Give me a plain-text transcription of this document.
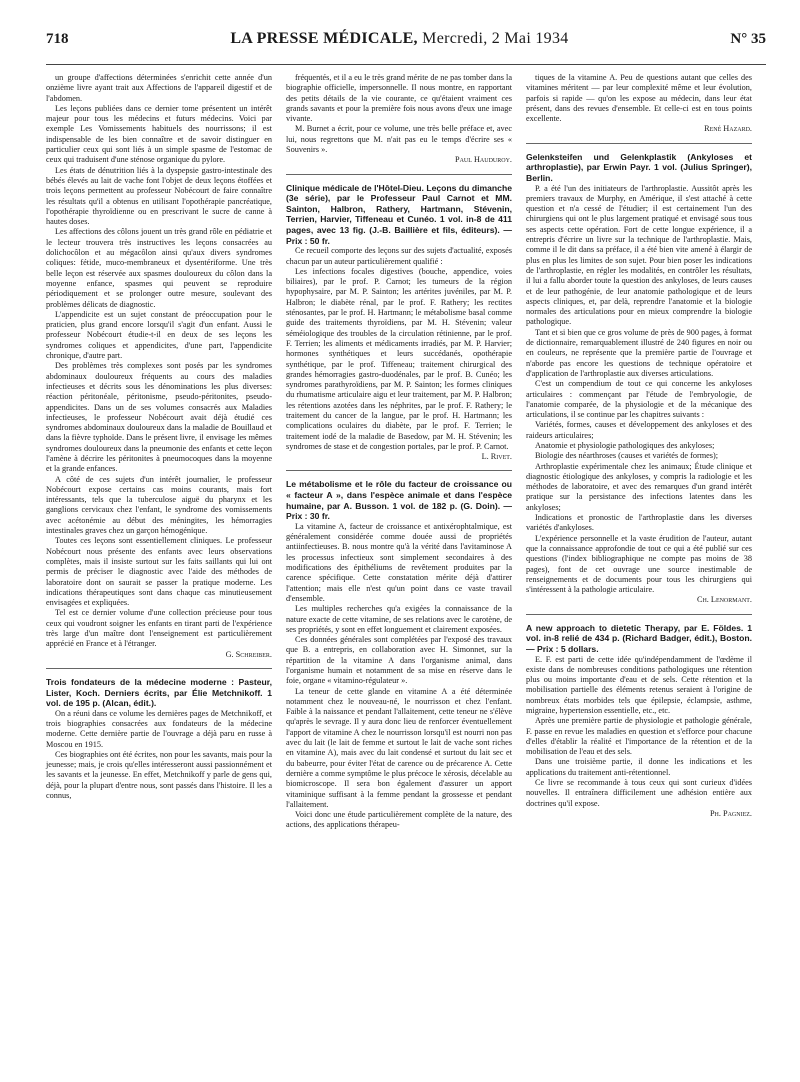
718	LA PRESSE MÉDICALE, Mercredi, 2 Mai 1934	N° 35

un groupe d'affections déterminées s'enrichit cette année d'un onzième livre ayant trait aux Affections de l'appareil digestif et de l'abdomen.

Les leçons publiées dans ce dernier tome présentent un intérêt majeur pour tous les médecins et futurs médecins. Voici par exemple Les Vomissements habituels des nourrissons; il est indispensable de les bien connaître et de savoir distinguer en particulier ceux qui sont liés à un simple spasme de l'estomac de ceux qui traduisent d'une sténose organique du pylore.

Les états de dénutrition liés à la dyspepsie gastro-intestinale des bébés élevés au lait de vache font l'objet de deux leçons étoffées et trois leçons permettent au professeur Nobécourt de faire connaître les résultats qu'il a obtenus en utilisant l'opothérapie pancréatique, l'opothérapie thyroïdienne ou en prescrivant le sucre de canne à hautes doses.

Les affections des côlons jouent un très grand rôle en pédiatrie et le lecteur trouvera très instructives les leçons consacrées au dolichocôlon et au mégacôlon ainsi qu'aux divers syndromes coliques: fétide, muco-membraneux et dysentériforme. Une très belle leçon est réservée aux spasmes douloureux du côlon dans la moyenne enfance, spasmes qui peuvent se reproduire périodiquement et se prolonger outre mesure, soulevant des problèmes délicats de diagnostic.

L'appendicite est un sujet constant de préoccupation pour le praticien, plus grand encore lorsqu'il s'agit d'un enfant. Aussi le professeur Nobécourt étudie-t-il en deux de ses leçons les syndromes coliques et appendicites, d'une part, l'appendicite chronique, d'autre part.

Des problèmes très complexes sont posés par les syndromes abdominaux douloureux fréquents au cours des maladies infectieuses et décrits sous les dénominations les plus diverses: réaction péritonéale, péritonisme, pseudo-péritonites, pseudo-appendicites. Dans un de ses volumes consacrés aux Maladies infectieuses, le professeur Nobécourt avait déjà étudié ces syndromes abdominaux douloureux dans la maladie de Bouillaud et dans la fièvre typhoïde. Dans le présent livre, il envisage les mêmes syndromes douloureux dans la pneumonie des enfants et cette leçon l'amène à décrire les péritonites à pneumocoques dans la moyenne et la grande enfances.

A côté de ces sujets d'un intérêt journalier, le professeur Nobécourt expose certains cas moins courants, mais fort intéressants, tels que la tuberculose aiguë du pharynx et les ganglions cervicaux chez l'enfant, le syndrome des vomissements avec acétonémie au début des méningites, les hémorragies intestinales graves chez un garçon hémogénique.

Toutes ces leçons sont essentiellement cliniques. Le professeur Nobécourt nous présente des enfants avec leurs observations complètes, mais il insiste surtout sur les faits saillants qui lui ont permis de préciser le diagnostic avec l'aide des méthodes de laboratoire dont on saurait se passer la pratique moderne. Les indications thérapeutiques sont dans chaque cas minutieusement envisagées et expliquées.

Tel est ce dernier volume d'une collection précieuse pour tous ceux qui voudront soigner les enfants en tirant parti de l'expérience très large d'un maître dont l'enseignement est particulièrement apprécié en France et à l'étranger.

G. Schreiber.

Trois fondateurs de la médecine moderne : Pasteur, Lister, Koch. Derniers écrits, par Élie Metchnikoff. 1 vol. de 195 p. (Alcan, édit.).

On a réuni dans ce volume les dernières pages de Metchnikoff, et trois biographies consacrées aux fondateurs de la médecine moderne. Cette dernière partie de l'ouvrage a déjà paru en russe à Moscou en 1915.

Ces biographies ont été écrites, non pour les savants, mais pour la jeunesse; mais, je crois qu'elles intéresseront aussi passionnément et les savants et la jeunesse. En effet, Metchnikoff y parle de gens qui, déjà, pour la plupart d'entre nous, sont passés dans l'histoire. Il les a connus,

fréquentés, et il a eu le très grand mérite de ne pas tomber dans la biographie officielle, impersonnelle. Il nous montre, en rapportant des petits détails de la vie courante, ce qu'étaient vraiment ces grands savants et pour la première fois nous avons d'eux une image vivante.

M. Burnet a écrit, pour ce volume, une très belle préface et, avec lui, nous regrettons que M. n'ait pas eu le temps d'écrire ses « Souvenirs ».

Paul Hauduroy.

Clinique médicale de l'Hôtel-Dieu. Leçons du dimanche (3e série), par le Professeur Paul Carnot et MM. Sainton, Halbron, Rathery, Hartmann, Stévenin, Terrien, Harvier, Tiffeneau et Cunéo. 1 vol. in-8 de 411 pages, avec 13 fig. (J.-B. Baillière et fils, éditeurs). — Prix : 50 fr.

Ce recueil comporte des leçons sur des sujets d'actualité, exposés chacun par un auteur particulièrement qualifié :

Les infections focales digestives (bouche, appendice, voies biliaires), par le prof. P. Carnot; les tumeurs de la région hypophysaire, par M. P. Sainton; les artérites juvéniles, par M. P. Halbron; le diabète rénal, par le prof. F. Rathery; les rectites sténosantes, par le prof. H. Hartmann; le métabolisme basal comme guide des traitements thyroïdiens, par M. H. Stévenin; valeur séméiologique des troubles de la circulation rétinienne, par le prof. F. Terrien; les aliments et médicaments irradiés, par M. P. Harvier; hormones synthétiques et leurs succédanés, opothérapie synthétique, par le prof. Tiffeneau; traitement chirurgical des grandes hémorragies gastro-duodénales, par le prof. B. Cunéo; les syndromes parathyroïdiens, par M. P. Sainton; les formes cliniques du rhumatisme articulaire aigu et leur traitement, par M. P. Halbron; les rétentions azotées dans les néphrites, par le prof. F. Rathery; le traitement du cancer de la langue, par le prof. H. Hartmann; les complications oculaires du diabète, par le prof. F. Terrien; le traitement iodé de la maladie de Basedow, par M. H. Stévenin; les syndromes de stase et de congestion portales, par le prof. P. Carnot.

L. Rivet.

Le métabolisme et le rôle du facteur de croissance ou « facteur A », dans l'espèce animale et dans l'espèce humaine, par A. Busson. 1 vol. de 182 p. (G. Doin). — Prix : 30 fr.

La vitamine A, facteur de croissance et antixérophtalmique, est généralement considérée comme douée aussi de propriétés antiinfectieuses. B. nous montre qu'à la vérité dans l'avitaminose A les processus infectieux sont simplement secondaires à des modifications des épithéliums de revêtement produites par la carence spécifique. Cette constatation mérite déjà d'attirer l'attention; mais elle n'est qu'un point dans ce vaste travail d'ensemble.

Les multiples recherches qu'a exigées la connaissance de la nature exacte de cette vitamine, de ses relations avec le carotène, de ses propriétés, y sont en effet longuement et clairement exposées.

Ces données générales sont complétées par l'exposé des travaux que B. a entrepris, en collaboration avec H. Simonnet, sur la répartition de la vitamine A dans l'organisme animal, dans l'organisme humain et notamment de sa mise en réserve dans le foie, organe « vitamino-régulateur ».

La teneur de cette glande en vitamine A a été déterminée notamment chez le nouveau-né, le nourrisson et chez l'enfant. Faible à la naissance et pendant l'allaitement, cette teneur ne s'élève qu'après le sevrage. Il y aura donc lieu de renforcer éventuellement l'apport de vitamine A chez le nourrisson lorsqu'il est nourri non pas avec du lait (le lait de femme et surtout le lait de vache sont riches en vitamine A), mais avec du lait condensé et surtout du lait sec et du babeurre, pour éviter l'état de carence ou de précarence A. Cette dernière a comme symptôme le plus précoce le xérosis, décelable au biomicroscope. Il sera bon également d'assurer un apport vitaminique suffisant à la femme pendant la grossesse et pendant l'allaitement.

Voici donc une étude particulièrement complète de la nature, des actions, des applications thérapeu-

tiques de la vitamine A. Peu de questions autant que celles des vitamines méritent — par leur complexité même et leur évolution, parfois si rapide — qu'on les expose au médecin, dans leur état présent, dans des revues d'ensemble. Et celle-ci est en tous points excellente.

René Hazard.

Gelenksteifen und Gelenkplastik (Ankyloses et arthroplastie), par Erwin Payr. 1 vol. (Julius Springer), Berlin.

P. a été l'un des initiateurs de l'arthroplastie. Aussitôt après les premiers travaux de Murphy, en Amérique, il s'est attaché à cette question et n'a cessé de l'étudier; il est certainement l'un des chirurgiens qui ont le plus largement pratiqué et envisagé sous tous ses aspects cette opération. Fort de cette longue expérience, il a entrepris d'écrire un livre sur la technique de l'arthroplastie. Mais, comme il le dit dans sa préface, il a été bien vite amené à élargir de plus en plus les limites de son sujet. Pour bien poser les indications de l'arthroplastie, en régler les modalités, en contrôler les résultats, il lui a fallu aborder toute la question des ankyloses, de leurs causes et de leur pathogénie, de leur anatomie pathologique et de leurs aspects cliniques, et, par delà, reprendre l'anatomie et la biologie normales des articulations pour en mieux comprendre la biologie pathologique.

Tant et si bien que ce gros volume de près de 900 pages, à format de dictionnaire, remarquablement illustré de 240 figures en noir ou en couleurs, ne représente que la première partie de l'ouvrage et n'aborde pas encore les questions de technique opératoire et d'application de l'arthroplastie aux diverses articulations.

C'est un compendium de tout ce qui concerne les ankyloses articulaires : commençant par l'étude de l'embryologie, de l'anatomie comparée, de la physiologie et de la mécanique des articulations, il se continue par les chapitres suivants :

Variétés, formes, causes et développement des ankyloses et des raideurs articulaires;

Anatomie et physiologie pathologiques des ankyloses;

Biologie des néarthroses (causes et variétés de formes);

Arthroplastie expérimentale chez les animaux; Étude clinique et diagnostic étiologique des ankyloses, y compris la radiologie et les méthodes de laboratoire, et avec des remarques d'un grand intérêt pratique sur la persistance des infections latentes dans les ankyloses;

Indications et pronostic de l'arthroplastie dans les diverses variétés d'ankyloses.

L'expérience personnelle et la vaste érudition de l'auteur, autant que la connaissance approfondie de tout ce qui a été publié sur ces questions (l'index bibliographique ne compte pas moins de 38 pages), font de cet ouvrage une source inestimable de renseignements et de documents pour tous les chirurgiens qui s'intéressent à la pathologie articulaire.

Ch. Lenormant.

A new approach to dietetic Therapy, par E. Földes. 1 vol. in-8 relié de 434 p. (Richard Badger, édit.), Boston. — Prix : 5 dollars.

E. F. est parti de cette idée qu'indépendamment de l'œdème il existe dans de nombreuses conditions pathologiques une rétention plus ou moins importante d'eau et de sels. Cette rétention et la mobilisation partielle des éléments retenus seraient à l'origine de nombreux états morbides tels que épilepsie, éclampsie, asthme, migraine, hypertension essentielle, etc., etc.

Après une première partie de physiologie et pathologie générale, F. passe en revue les maladies en question et s'efforce pour chacune d'elles d'établir la réalité et l'importance de la rétention et de la mobilisation de l'eau et des sels.

Dans une troisième partie, il donne les indications et les applications du traitement anti-rétentionnel.

Ce livre se recommande à tous ceux qui sont curieux d'idées nouvelles. Il entraînera difficilement une adhésion entière aux doctrines qu'il expose.

Ph. Pagniez.
